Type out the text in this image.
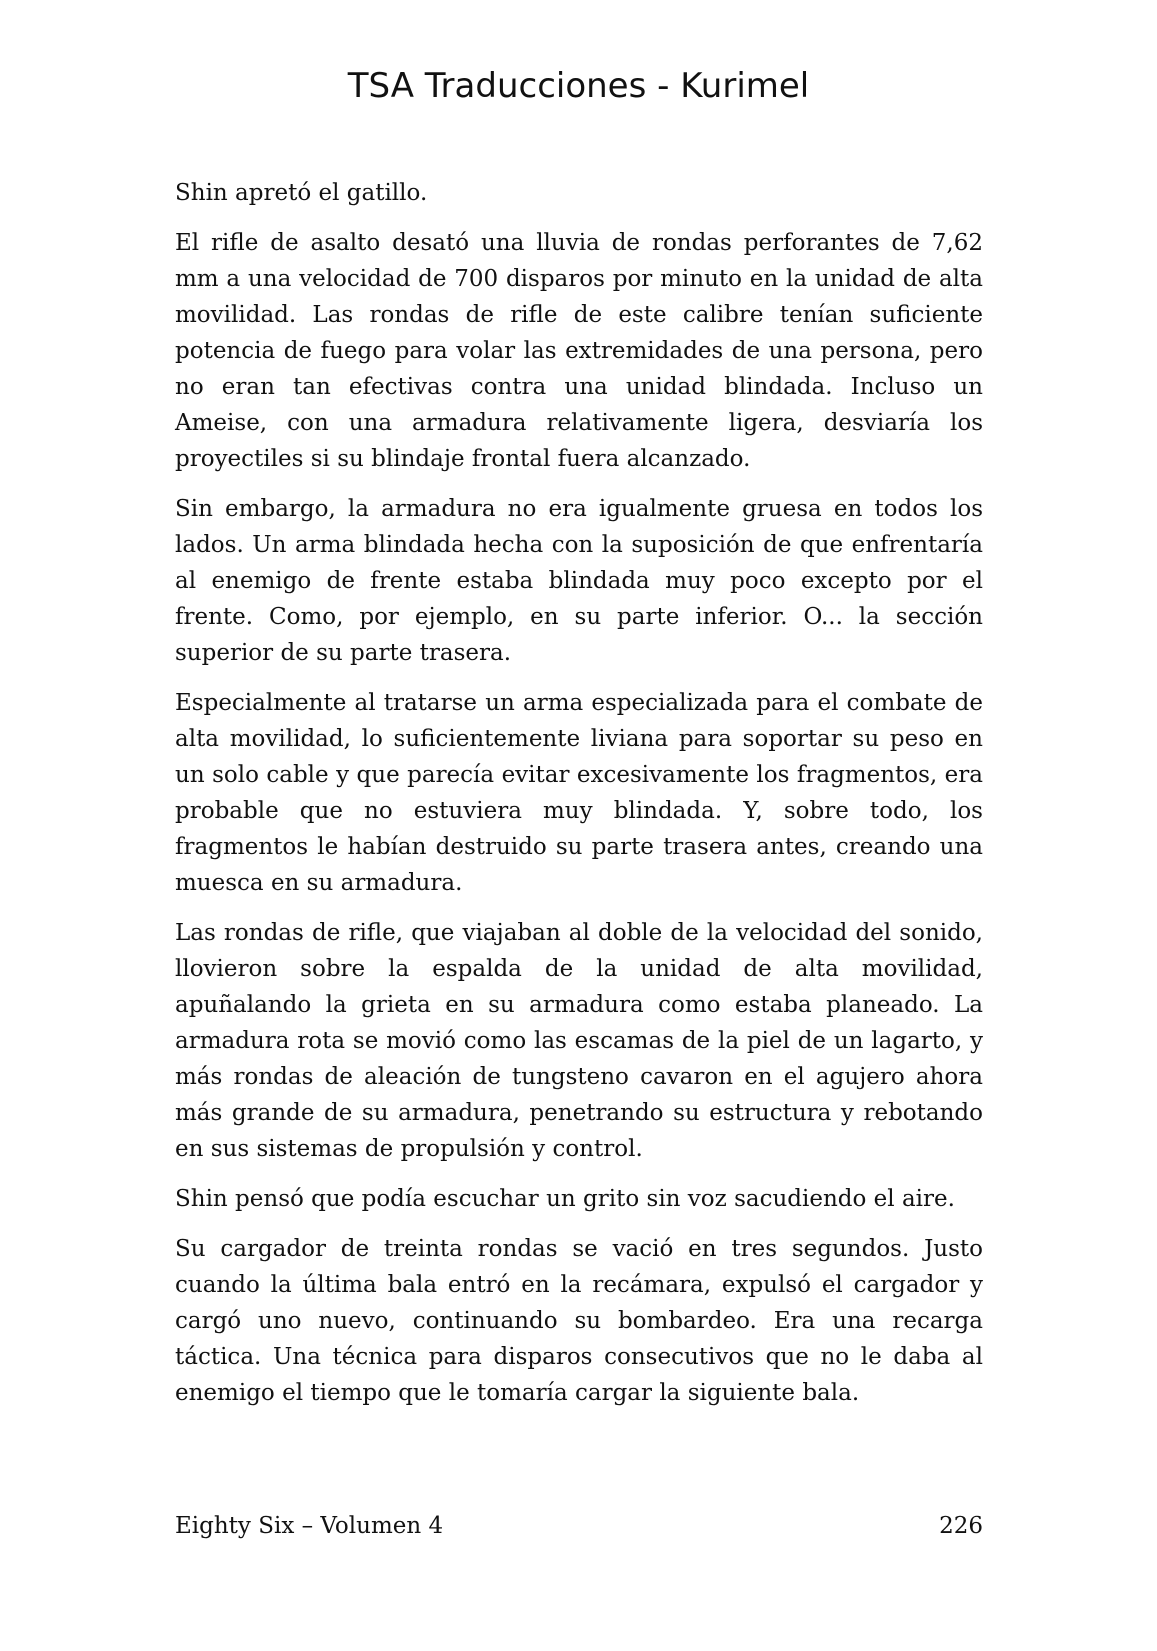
TSA Traducciones - Kurimel

Shin apretó el gatillo.

El rifle de asalto desató una lluvia de rondas perforantes de 7,62 mm a una velocidad de 700 disparos por minuto en la unidad de alta movilidad. Las rondas de rifle de este calibre tenían suficiente potencia de fuego para volar las extremidades de una persona, pero no eran tan efectivas contra una unidad blindada. Incluso un Ameise, con una armadura relativamente ligera, desviaría los proyectiles si su blindaje frontal fuera alcanzado.

Sin embargo, la armadura no era igualmente gruesa en todos los lados. Un arma blindada hecha con la suposición de que enfrentaría al enemigo de frente estaba blindada muy poco excepto por el frente. Como, por ejemplo, en su parte inferior. O... la sección superior de su parte trasera.

Especialmente al tratarse un arma especializada para el combate de alta movilidad, lo suficientemente liviana para soportar su peso en un solo cable y que parecía evitar excesivamente los fragmentos, era probable que no estuviera muy blindada. Y, sobre todo, los fragmentos le habían destruido su parte trasera antes, creando una muesca en su armadura.

Las rondas de rifle, que viajaban al doble de la velocidad del sonido, llovieron sobre la espalda de la unidad de alta movilidad, apuñalando la grieta en su armadura como estaba planeado. La armadura rota se movió como las escamas de la piel de un lagarto, y más rondas de aleación de tungsteno cavaron en el agujero ahora más grande de su armadura, penetrando su estructura y rebotando en sus sistemas de propulsión y control.

Shin pensó que podía escuchar un grito sin voz sacudiendo el aire.

Su cargador de treinta rondas se vació en tres segundos. Justo cuando la última bala entró en la recámara, expulsó el cargador y cargó uno nuevo, continuando su bombardeo. Era una recarga táctica. Una técnica para disparos consecutivos que no le daba al enemigo el tiempo que le tomaría cargar la siguiente bala.

Eighty Six – Volumen 4	226
